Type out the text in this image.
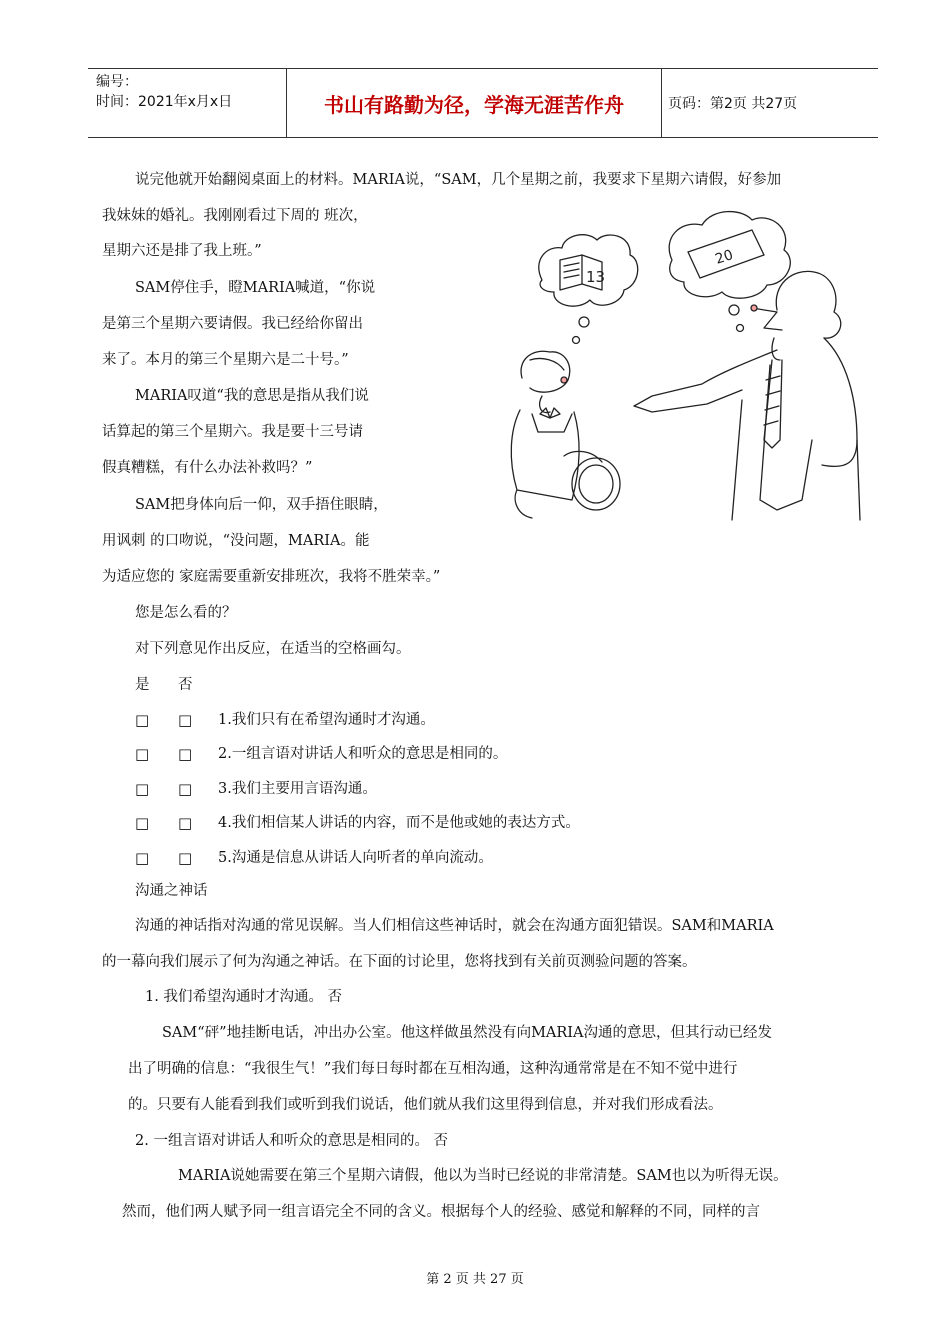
编号：
时间：2021年x月x日	书山有路勤为径，学海无涯苦作舟	页码：第2页 共27页
说完他就开始翻阅桌面上的材料。MARIA说，“SAM，几个星期之前，我要求下星期六请假，好参加
我妹妹的婚礼。我刚刚看过下周的 班次，
星期六还是排了我上班。”
SAM停住手，瞪MARIA喊道，“你说
是第三个星期六要请假。我已经给你留出
来了。本月的第三个星期六是二十号。”
MARIA叹道“我的意思是指从我们说
话算起的第三个星期六。我是要十三号请
假真糟糕，有什么办法补救吗？”
SAM把身体向后一仰，双手捂住眼睛，
用讽刺 的口吻说，“没问题，MARIA。能
为适应您的 家庭需要重新安排班次，我将不胜荣幸。”
您是怎么看的？
对下列意见作出反应，在适当的空格画勾。
13
20
是 否
□ □ 1.我们只有在希望沟通时才沟通。
□ □ 2.一组言语对讲话人和听众的意思是相同的。
□ □ 3.我们主要用言语沟通。
□ □ 4.我们相信某人讲话的内容，而不是他或她的表达方式。
□ □ 5.沟通是信息从讲话人向听者的单向流动。
沟通之神话
沟通的神话指对沟通的常见误解。当人们相信这些神话时，就会在沟通方面犯错误。SAM和MARIA
的一幕向我们展示了何为沟通之神话。在下面的讨论里，您将找到有关前页测验问题的答案。
1. 我们希望沟通时才沟通。 否
SAM“砰”地挂断电话，冲出办公室。他这样做虽然没有向MARIA沟通的意思，但其行动已经发
出了明确的信息：“我很生气！”我们每日每时都在互相沟通，这种沟通常常是在不知不觉中进行
的。只要有人能看到我们或听到我们说话，他们就从我们这里得到信息，并对我们形成看法。
2. 一组言语对讲话人和听众的意思是相同的。 否
MARIA说她需要在第三个星期六请假，他以为当时已经说的非常清楚。SAM也以为听得无误。
然而，他们两人赋予同一组言语完全不同的含义。根据每个人的经验、感觉和解释的不同，同样的言
第 2 页 共 27 页
